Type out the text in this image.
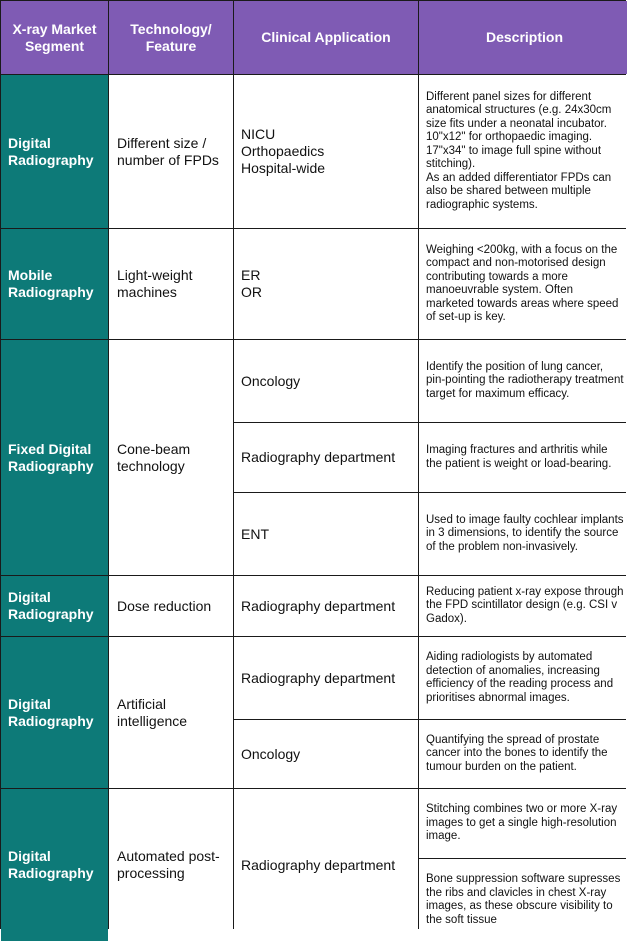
X-ray Market Segment
Technology/ Feature
Clinical Application	Description
Digital Radiography
Different size / number of FPDs
NICU
Orthopaedics
Hospital-wide
Different panel sizes for different anatomical structures (e.g. 24x30cm size fits under a neonatal incubator. 10"x12" for orthopaedic imaging. 17"x34" to image full spine without stitching).
As an added differentiator FPDs can also be shared between multiple radiographic systems.
Mobile Radiography
Light-weight machines
ER
OR
Weighing <200kg, with a focus on the compact and non-motorised design contributing towards a more manoeuvrable system. Often marketed towards areas where speed of set-up is key.
Fixed Digital Radiography
Cone-beam technology
Oncology
Identify the position of lung cancer, pin-pointing the radiotherapy treatment target for maximum efficacy.
Radiography department	Imaging fractures and arthritis while the patient is weight or load-bearing.
ENT
Used to image faulty cochlear implants in 3 dimensions, to identify the source of the problem non-invasively.
Digital Radiography
Dose reduction Radiography department
Reducing patient x-ray expose through the FPD scintillator design (e.g. CSI v Gadox).
Digital Radiography
Artificial intelligence
Radiography department
Aiding radiologists by automated detection of anomalies, increasing efficiency of the reading process and prioritises abnormal images.
Oncology
Quantifying the spread of prostate cancer into the bones to identify the tumour burden on the patient.
Digital Radiography
Automated post-processing
Radiography department
Stitching combines two or more X-ray images to get a single high-resolution image.
Bone suppression software supresses the ribs and clavicles in chest X-ray images, as these obscure visibility to the soft tissue
